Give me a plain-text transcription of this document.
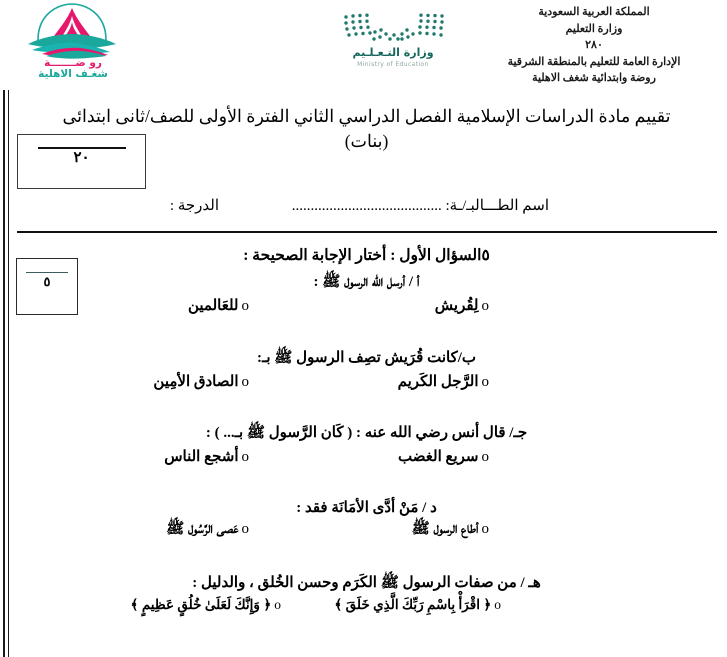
رو ضـــــــة
شغـف الاهلية
وزارة التـعـلـيم
Ministry of Education
المملكة العربية السعودية
وزارة التعليم
٢٨٠
الإدارة العامة للتعليم بالمنطقة الشرقية
روضة وابتدائية شغف الاهلية
تقييم مادة الدراسات الإسلامية الفصل الدراسي الثاني الفترة الأولى للصف/ثانى ابتدائى
(بنات)
٢٠
اسم الطـــالبـ/ـة: ........................................
الدرجة :
٥
٥السؤال الأول : أختار الإجابة الصحيحة :
أ / أرسل الله الرسول ﷺ :
oلِقُريش
oللعَالمين
ب/كانت قُرَيش تصِف الرسول ﷺ بـ:
oالرَّجل الكَريم
oالصادق الأمِين
جـ/ قال أنس رضي الله عنه : ( كَان الرَّسول ﷺ بـ... ) :
oسريع الغضب
oأشجع الناس
د / مَنْ أدَّى الأمَانَة فقد :
oأطاع الرسول ﷺ
oعَصى الرَّسُول ﷺ
هـ / من صفات الرسول ﷺ الكَرَم وحسن الخُلق ، والدليل :
o﴿ اقْرَأْ بِاسْمِ رَبِّكَ الَّذِي خَلَقَ ﴾
o﴿ وَإِنَّكَ لَعَلَىٰ خُلُقٍ عَظِيمٍ ﴾
